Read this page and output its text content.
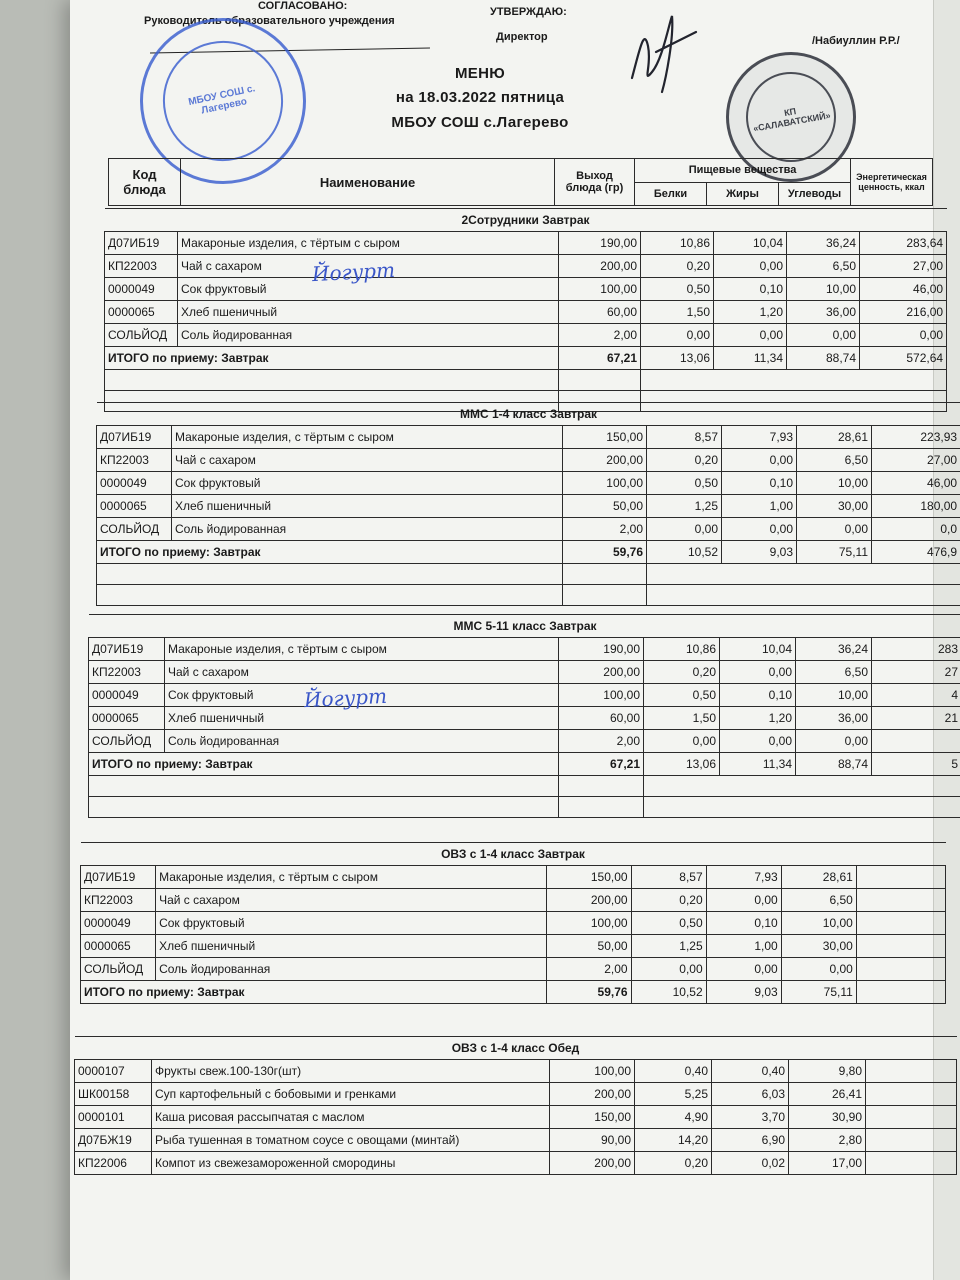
СОГЛАСОВАНО:
Руководитель образовательного учреждения
УТВЕРЖДАЮ:
Директор	/Набиуллин Р.Р./
МЕНЮ
на 18.03.2022 пятница
МБОУ СОШ с.Лагерево
МБОУ СОШ с. Лагерево	КП «САЛАВАТСКИЙ»
Код блюда	Наименование	Выход блюда (гр)	Пищевые вещества			Энергетическая ценность, ккал
			Белки	Жиры	Углеводы	
2Сотрудники Завтрак						
Д07ИБ19	Макароные изделия, с тёртым с сыром	190,00	10,86	10,04	36,24	283,64
КП22003	Чай с сахаром	200,00	0,20	0,00	6,50	27,00
0000049	Сок фруктовый	100,00	0,50	0,10	10,00	46,00
0000065	Хлеб пшеничный	60,00	1,50	1,20	36,00	216,00
СОЛЬЙОД	Соль йодированная	2,00	0,00	0,00	0,00	0,00
ИТОГО по приему: Завтрак		67,21	13,06	11,34	88,74	572,64

ММС 1-4 класс Завтрак						
Д07ИБ19	Макароные изделия, с тёртым с сыром	150,00	8,57	7,93	28,61	223,93
КП22003	Чай с сахаром	200,00	0,20	0,00	6,50	27,00
0000049	Сок фруктовый	100,00	0,50	0,10	10,00	46,00
0000065	Хлеб пшеничный	50,00	1,25	1,00	30,00	180,00
СОЛЬЙОД	Соль йодированная	2,00	0,00	0,00	0,00	0,0
ИТОГО по приему: Завтрак		59,76	10,52	9,03	75,11	476,9

ММС 5-11 класс Завтрак						
Д07ИБ19	Макароные изделия, с тёртым с сыром	190,00	10,86	10,04	36,24	283
КП22003	Чай с сахаром	200,00	0,20	0,00	6,50	27
0000049	Сок фруктовый	100,00	0,50	0,10	10,00	4
0000065	Хлеб пшеничный	60,00	1,50	1,20	36,00	21
СОЛЬЙОД	Соль йодированная	2,00	0,00	0,00	0,00	
ИТОГО по приему: Завтрак		67,21	13,06	11,34	88,74	5

ОВЗ с 1-4 класс Завтрак						
Д07ИБ19	Макароные изделия, с тёртым с сыром	150,00	8,57	7,93	28,61	
КП22003	Чай с сахаром	200,00	0,20	0,00	6,50	
0000049	Сок фруктовый	100,00	0,50	0,10	10,00	
0000065	Хлеб пшеничный	50,00	1,25	1,00	30,00	
СОЛЬЙОД	Соль йодированная	2,00	0,00	0,00	0,00	
ИТОГО по приему: Завтрак		59,76	10,52	9,03	75,11	
ОВЗ с 1-4 класс Обед						
0000107	Фрукты свеж.100-130г(шт)	100,00	0,40	0,40	9,80	
ШК00158	Суп картофельный с бобовыми и гренками	200,00	5,25	6,03	26,41	
0000101	Каша рисовая рассыпчатая с маслом	150,00	4,90	3,70	30,90	
Д07БЖ19	Рыба тушенная в томатном соусе с овощами (минтай)	90,00	14,20	6,90	2,80	
КП22006	Компот из свежезамороженной смородины	200,00	0,20	0,02	17,00	
Йогурт
Йогурт
